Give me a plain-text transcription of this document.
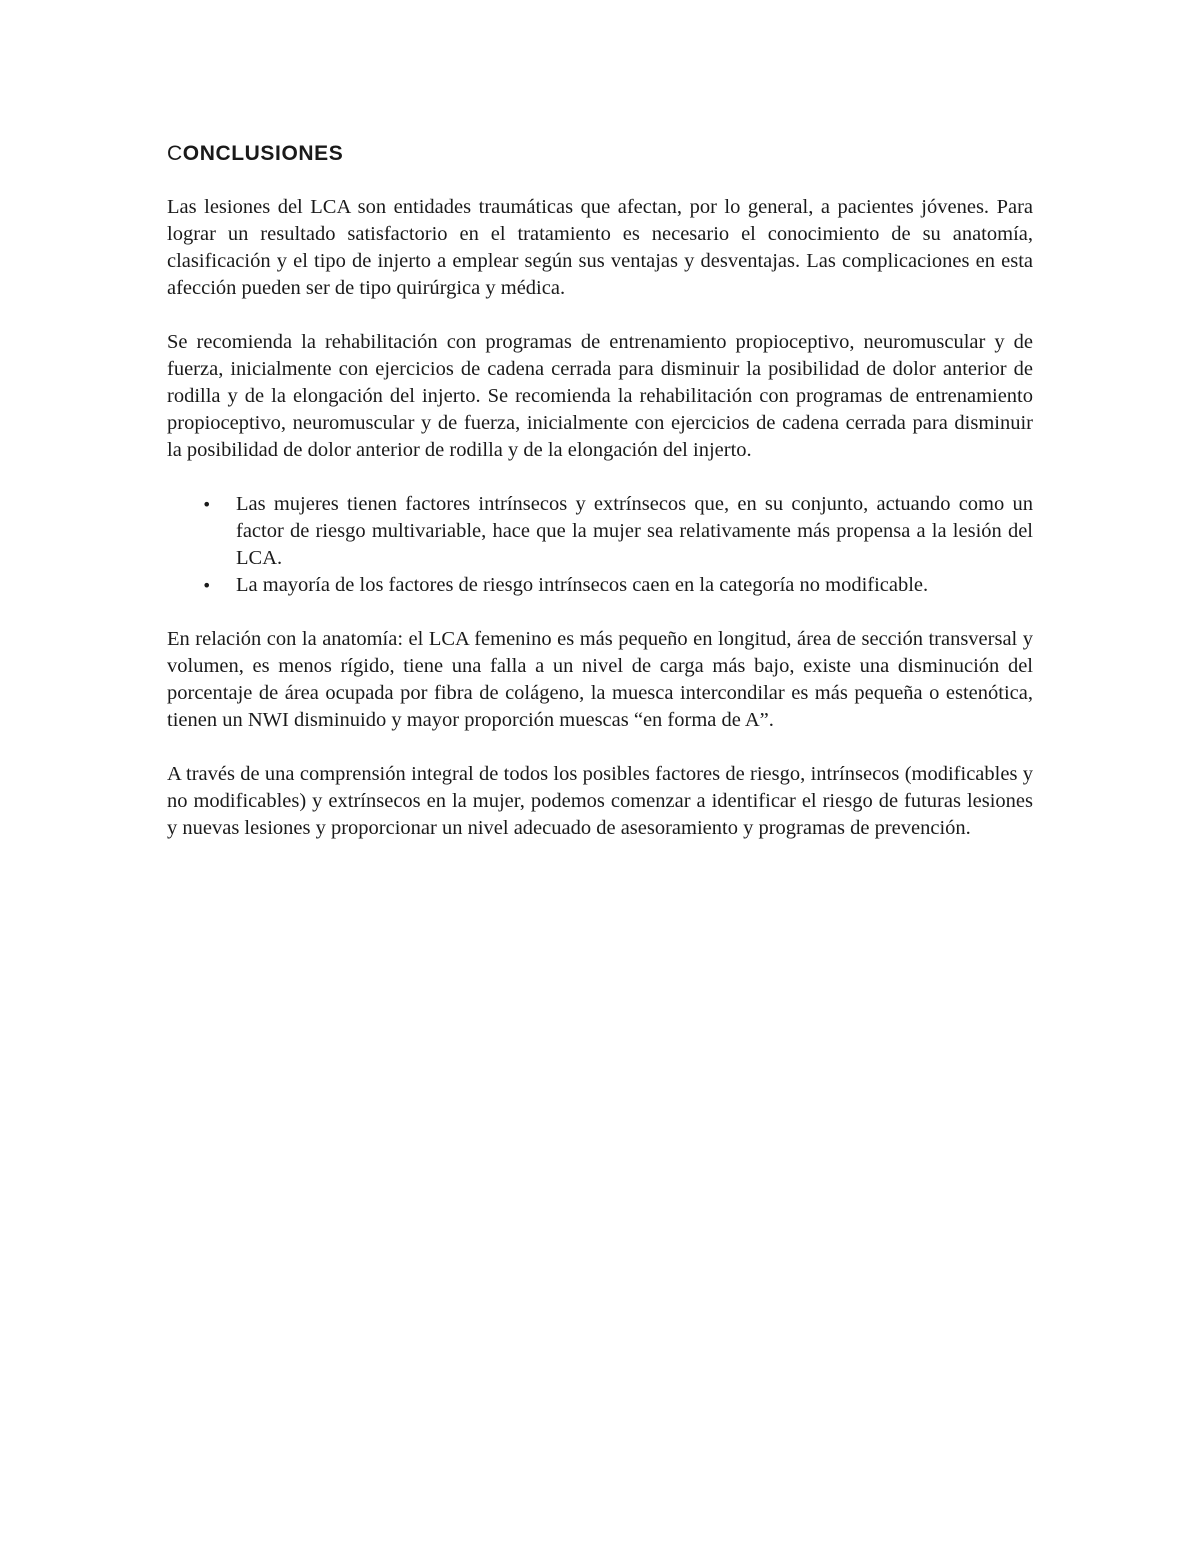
CONCLUSIONES

Las lesiones del LCA son entidades traumáticas que afectan, por lo general, a pacientes jóvenes. Para lograr un resultado satisfactorio en el tratamiento es necesario el conocimiento de su anatomía, clasificación y el tipo de injerto a emplear según sus ventajas y desventajas. Las complicaciones en esta afección pueden ser de tipo quirúrgica y médica.

Se recomienda la rehabilitación con programas de entrenamiento propioceptivo, neuromuscular y de fuerza, inicialmente con ejercicios de cadena cerrada para disminuir la posibilidad de dolor anterior de rodilla y de la elongación del injerto. Se recomienda la rehabilitación con programas de entrenamiento propioceptivo, neuromuscular y de fuerza, inicialmente con ejercicios de cadena cerrada para disminuir la posibilidad de dolor anterior de rodilla y de la elongación del injerto.

• Las mujeres tienen factores intrínsecos y extrínsecos que, en su conjunto, actuando como un factor de riesgo multivariable, hace que la mujer sea relativamente más propensa a la lesión del LCA.
• La mayoría de los factores de riesgo intrínsecos caen en la categoría no modificable.

En relación con la anatomía: el LCA femenino es más pequeño en longitud, área de sección transversal y volumen, es menos rígido, tiene una falla a un nivel de carga más bajo, existe una disminución del porcentaje de área ocupada por fibra de colágeno, la muesca intercondilar es más pequeña o estenótica, tienen un NWI disminuido y mayor proporción muescas “en forma de A”.

A través de una comprensión integral de todos los posibles factores de riesgo, intrínsecos (modificables y no modificables) y extrínsecos en la mujer, podemos comenzar a identificar el riesgo de futuras lesiones y nuevas lesiones y proporcionar un nivel adecuado de asesoramiento y programas de prevención.
